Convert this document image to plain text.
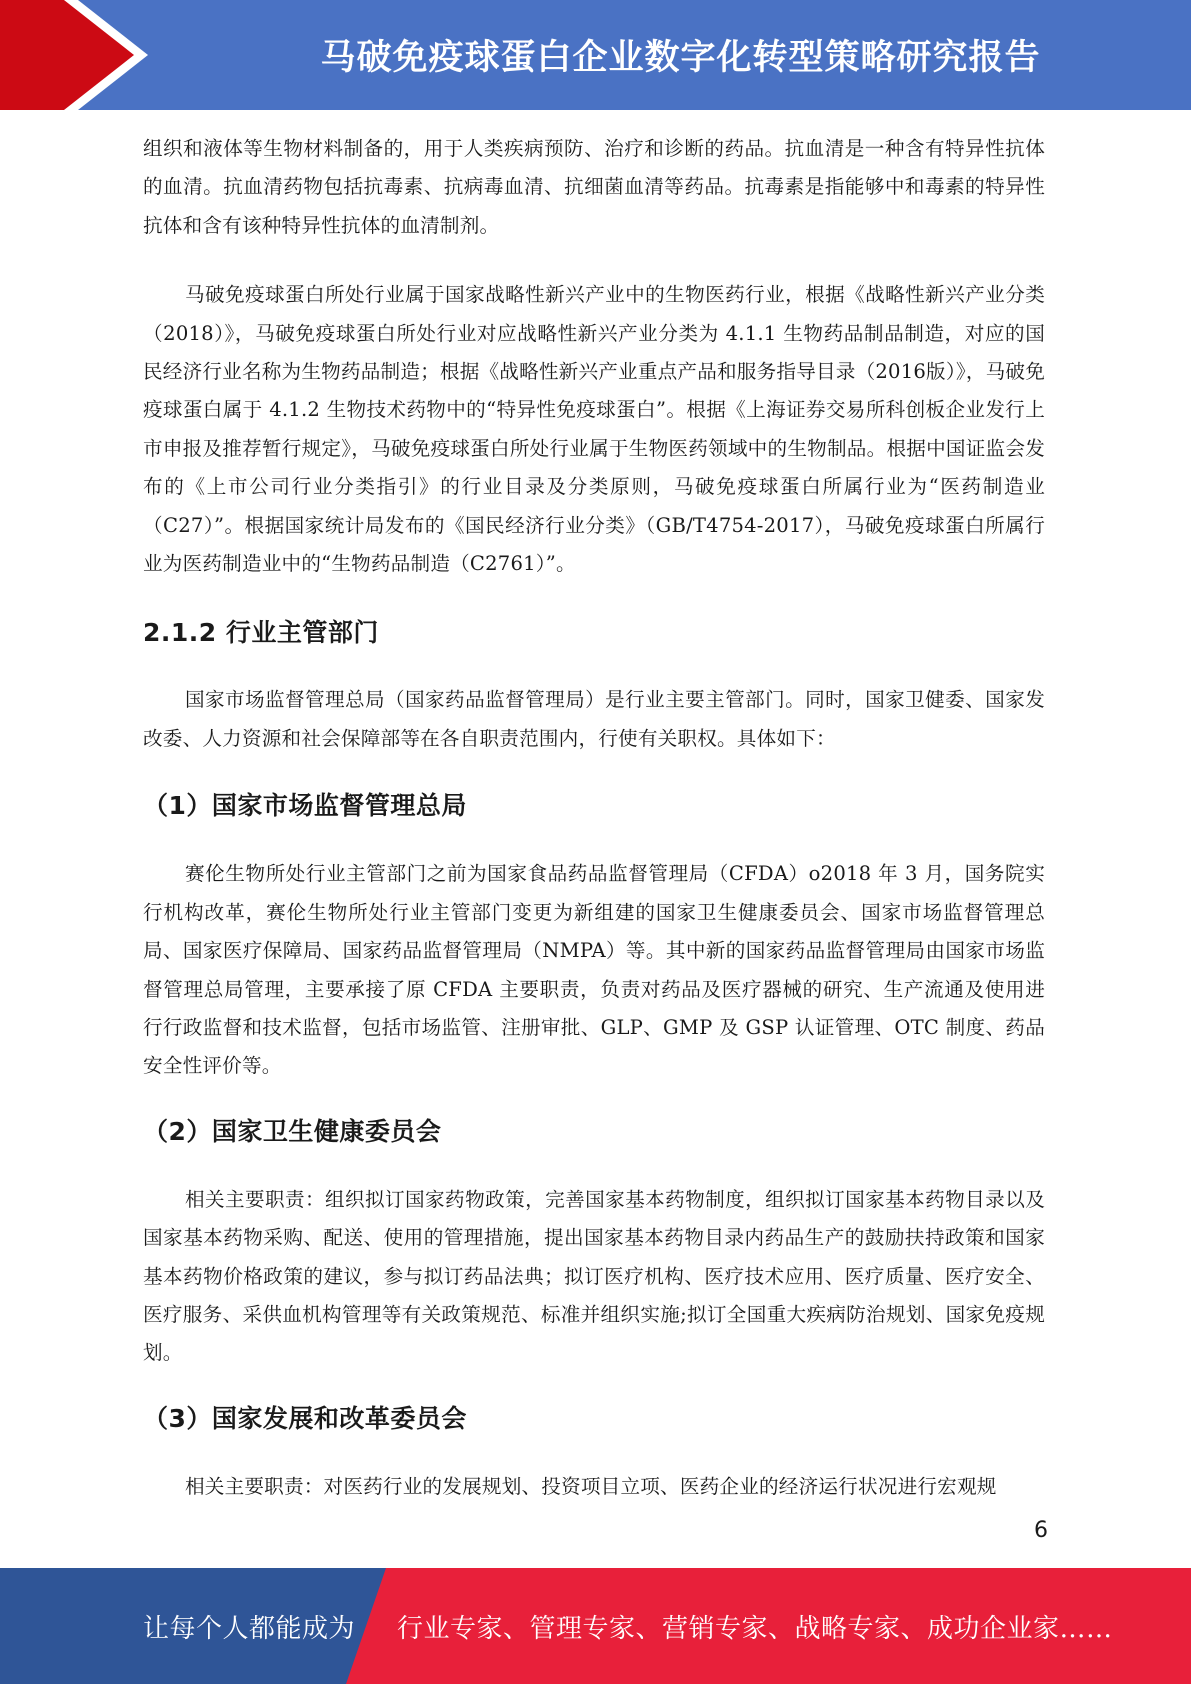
马破免疫球蛋白企业数字化转型策略研究报告

组织和液体等生物材料制备的，用于人类疾病预防、治疗和诊断的药品。抗血清是一种含有特异性抗体的血清。抗血清药物包括抗毒素、抗病毒血清、抗细菌血清等药品。抗毒素是指能够中和毒素的特异性抗体和含有该种特异性抗体的血清制剂。

马破免疫球蛋白所处行业属于国家战略性新兴产业中的生物医药行业，根据《战略性新兴产业分类（2018）》，马破免疫球蛋白所处行业对应战略性新兴产业分类为 4.1.1 生物药品制品制造，对应的国民经济行业名称为生物药品制造；根据《战略性新兴产业重点产品和服务指导目录（2016版）》，马破免疫球蛋白属于 4.1.2 生物技术药物中的“特异性免疫球蛋白”。根据《上海证券交易所科创板企业发行上市申报及推荐暂行规定》，马破免疫球蛋白所处行业属于生物医药领域中的生物制品。根据中国证监会发布的《上市公司行业分类指引》的行业目录及分类原则，马破免疫球蛋白所属行业为“医药制造业（C27）”。根据国家统计局发布的《国民经济行业分类》（GB/T4754-2017），马破免疫球蛋白所属行业为医药制造业中的“生物药品制造（C2761）”。

2.1.2 行业主管部门

国家市场监督管理总局（国家药品监督管理局）是行业主要主管部门。同时，国家卫健委、国家发改委、人力资源和社会保障部等在各自职责范围内，行使有关职权。具体如下：

（1）国家市场监督管理总局

赛伦生物所处行业主管部门之前为国家食品药品监督管理局（CFDA）o2018 年 3 月，国务院实行机构改革，赛伦生物所处行业主管部门变更为新组建的国家卫生健康委员会、国家市场监督管理总局、国家医疗保障局、国家药品监督管理局（NMPA）等。其中新的国家药品监督管理局由国家市场监督管理总局管理，主要承接了原 CFDA 主要职责，负责对药品及医疗器械的研究、生产流通及使用进行行政监督和技术监督，包括市场监管、注册审批、GLP、GMP 及 GSP 认证管理、OTC 制度、药品安全性评价等。

（2）国家卫生健康委员会

相关主要职责：组织拟订国家药物政策，完善国家基本药物制度，组织拟订国家基本药物目录以及国家基本药物采购、配送、使用的管理措施，提出国家基本药物目录内药品生产的鼓励扶持政策和国家基本药物价格政策的建议，参与拟订药品法典；拟订医疗机构、医疗技术应用、医疗质量、医疗安全、医疗服务、采供血机构管理等有关政策规范、标准并组织实施;拟订全国重大疾病防治规划、国家免疫规划。

（3）国家发展和改革委员会

相关主要职责：对医药行业的发展规划、投资项目立项、医药企业的经济运行状况进行宏观规

6
让每个人都能成为 行业专家、管理专家、营销专家、战略专家、成功企业家……
